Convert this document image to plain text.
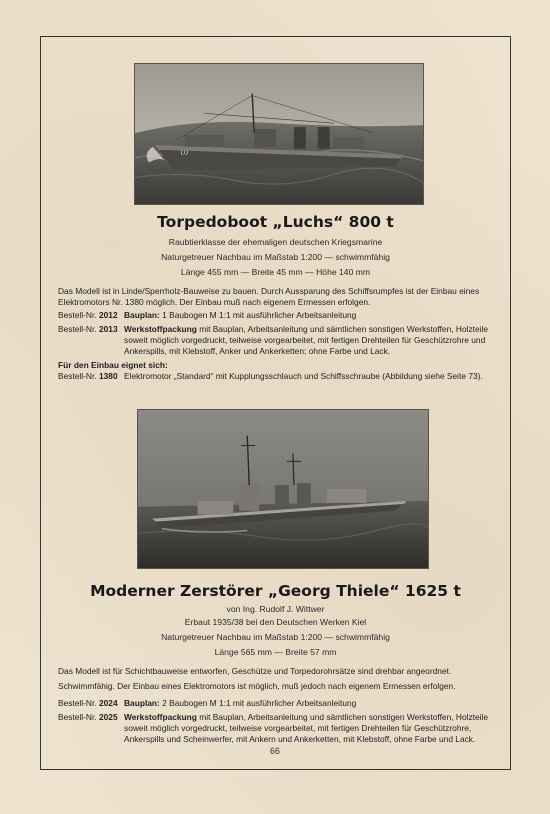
LU
Torpedoboot „Luchs“ 800 t
Raubtierklasse der ehemaligen deutschen Kriegsmarine
Naturgetreuer Nachbau im Maßstab 1:200 — schwimmfähig
Länge 455 mm — Breite 45 mm — Höhe 140 mm
Das Modell ist in Linde/Sperrholz-Bauweise zu bauen. Durch Aussparung des Schiffsrumpfes ist der Einbau eines Elektromotors Nr. 1380 möglich. Der Einbau muß nach eigenem Ermessen erfolgen.
Bestell-Nr. 2012 Bauplan: 1 Baubogen M 1:1 mit ausführlicher Arbeitsanleitung
Bestell-Nr. 2013 Werkstoffpackung mit Bauplan, Arbeitsanleitung und sämtlichen sonstigen Werkstoffen, Holzteile soweit möglich vorgedruckt, teilweise vorgearbeitet, mit fertigen Drehteilen für Geschützrohre und Ankerspills, mit Klebstoff, Anker und Ankerketten; ohne Farbe und Lack.
Für den Einbau eignet sich:
Bestell-Nr. 1380 Elektromotor „Standard“ mit Kupplungsschlauch und Schiffsschraube (Abbildung siehe Seite 73).
Moderner Zerstörer „Georg Thiele“ 1625 t
von Ing. Rudolf J. Wittwer
Erbaut 1935/38 bei den Deutschen Werken Kiel
Naturgetreuer Nachbau im Maßstab 1:200 — schwimmfähig
Länge 565 mm — Breite 57 mm
Das Modell ist für Schichtbauweise entworfen, Geschütze und Torpedorohrsätze sind drehbar angeordnet.
Schwimmfähig. Der Einbau eines Elektromotors ist möglich, muß jedoch nach eigenem Ermessen erfolgen.
Bestell-Nr. 2024 Bauplan: 2 Baubogen M 1:1 mit ausführlicher Arbeitsanleitung
Bestell-Nr. 2025 Werkstoffpackung mit Bauplan, Arbeitsanleitung und sämtlichen sonstigen Werkstoffen, Holzteile soweit möglich vorgedruckt, teilweise vorgearbeitet, mit fertigen Drehteilen für Geschützrohre, Ankerspills und Scheinwerfer, mit Ankern und Ankerketten, mit Klebstoff, ohne Farbe und Lack.
66
